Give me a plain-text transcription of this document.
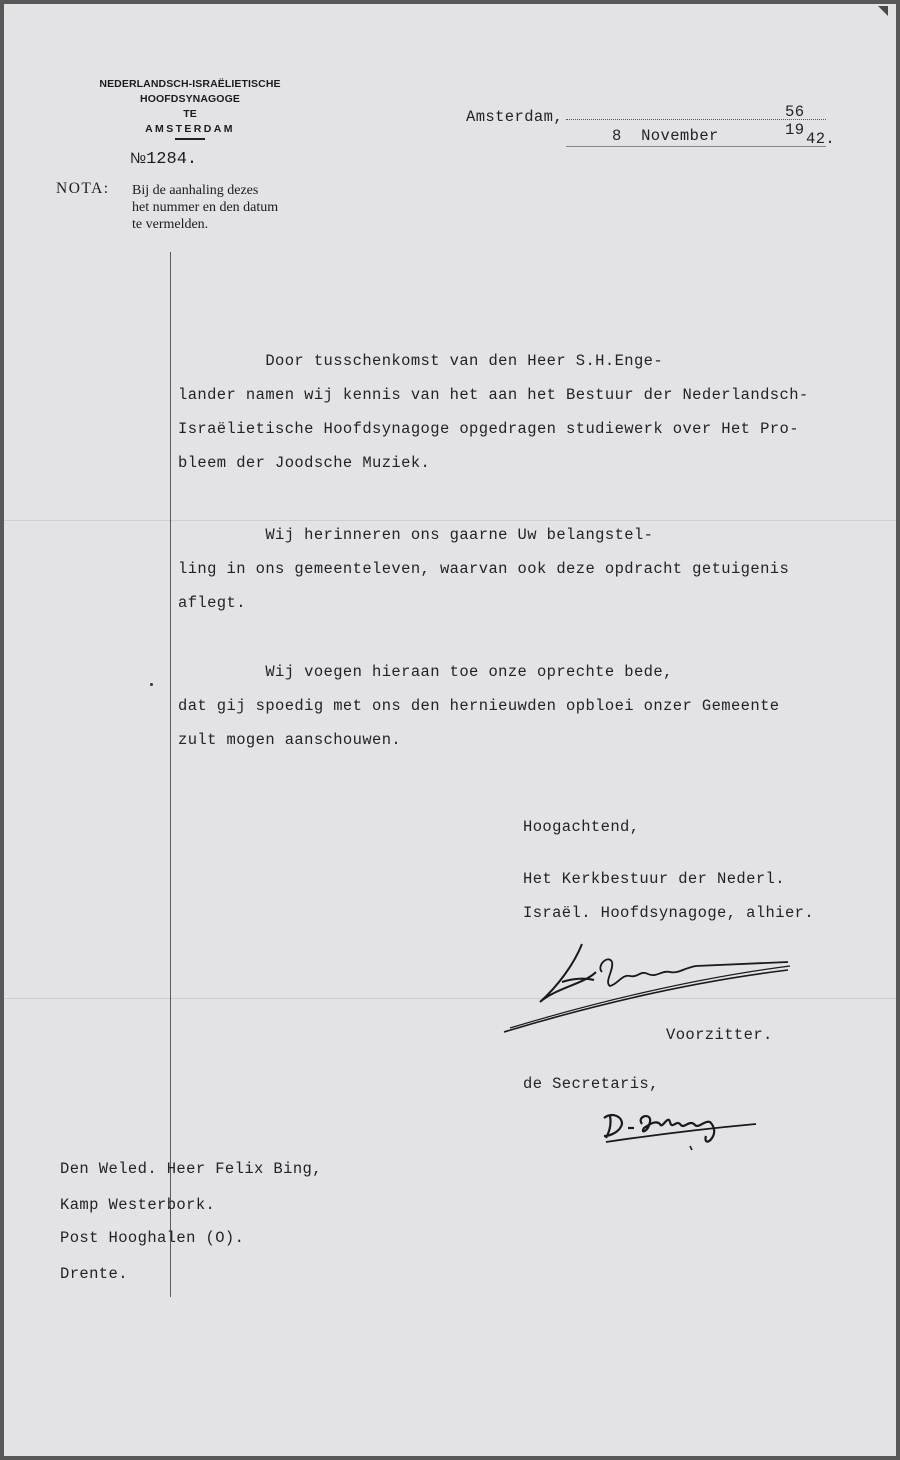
NEDERLANDSCH-ISRAËLIETISCHE
HOOFDSYNAGOGE
TE
AMSTERDAM
№1284.
NOTA: Bij de aanhaling dezes
het nummer en den datum
te vermelden.
Amsterdam,	56
8  November	19 42.
Door tusschenkomst van den Heer S.H.Enge-
lander namen wij kennis van het aan het Bestuur der Nederlandsch-
Israëlietische Hoofdsynagoge opgedragen studiewerk over Het Pro-
bleem der Joodsche Muziek.
Wij herinneren ons gaarne Uw belangstel-
ling in ons gemeenteleven, waarvan ook deze opdracht getuigenis
aflegt.
Wij voegen hieraan toe onze oprechte bede,
dat gij spoedig met ons den hernieuwden opbloei onzer Gemeente
zult mogen aanschouwen.
Hoogachtend,
Het Kerkbestuur der Nederl.
Israël. Hoofdsynagoge, alhier.
Voorzitter.
de Secretaris,
Den Weled. Heer Felix Bing,
Kamp Westerbork.
Post Hooghalen (O).
Drente.
